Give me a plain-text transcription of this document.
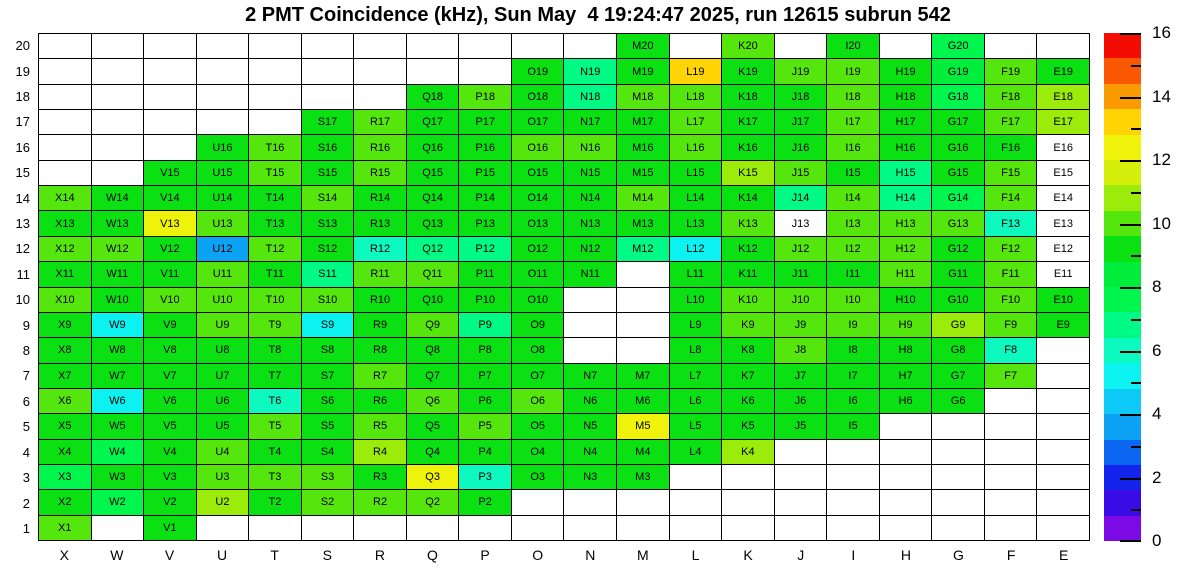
2 PMT Coincidence (kHz), Sun May  4 19:24:47 2025, run 12615 subrun 542
20
19
18
17
16
15
14
13
12
11
10
9
8
7
6
5
4
3
2
1
M20	K20	I20	G20
O19	N19	M19	L19	K19	J19	I19	H19	G19	F19	E19
Q18	P18	O18	N18	M18	L18	K18	J18	I18	H18	G18	F18	E18
S17	R17	Q17	P17	O17	N17	M17	L17	K17	J17	I17	H17	G17	F17	E17
U16	T16	S16	R16	Q16	P16	O16	N16	M16	L16	K16	J16	I16	H16	G16	F16	E16
V15	U15	T15	S15	R15	Q15	P15	O15	N15	M15	L15	K15	J15	I15	H15	G15	F15	E15
X14	W14	V14	U14	T14	S14	R14	Q14	P14	O14	N14	M14	L14	K14	J14	I14	H14	G14	F14	E14
X13	W13	V13	U13	T13	S13	R13	Q13	P13	O13	N13	M13	L13	K13	J13	I13	H13	G13	F13	E13
X12	W12	V12	U12	T12	S12	R12	Q12	P12	O12	N12	M12	L12	K12	J12	I12	H12	G12	F12	E12
X11	W11	V11	U11	T11	S11	R11	Q11	P11	O11	N11	L11	K11	J11	I11	H11	G11	F11	E11
X10	W10	V10	U10	T10	S10	R10	Q10	P10	O10	L10	K10	J10	I10	H10	G10	F10	E10
X9	W9	V9	U9	T9	S9	R9	Q9	P9	O9	L9	K9	J9	I9	H9	G9	F9	E9
X8	W8	V8	U8	T8	S8	R8	Q8	P8	O8	L8	K8	J8	I8	H8	G8	F8
X7	W7	V7	U7	T7	S7	R7	Q7	P7	O7	N7	M7	L7	K7	J7	I7	H7	G7	F7
X6	W6	V6	U6	T6	S6	R6	Q6	P6	O6	N6	M6	L6	K6	J6	I6	H6	G6
X5	W5	V5	U5	T5	S5	R5	Q5	P5	O5	N5	M5	L5	K5	J5	I5
X4	W4	V4	U4	T4	S4	R4	Q4	P4	O4	N4	M4	L4	K4
X3	W3	V3	U3	T3	S3	R3	Q3	P3	O3	N3	M3
X2	W2	V2	U2	T2	S2	R2	Q2	P2
X1	V1
X	W	V	U	T	S	R	Q	P	O	N	M	L	K	J	I	H	G	F	E
0
2
4
6
8
10
12
14
16
